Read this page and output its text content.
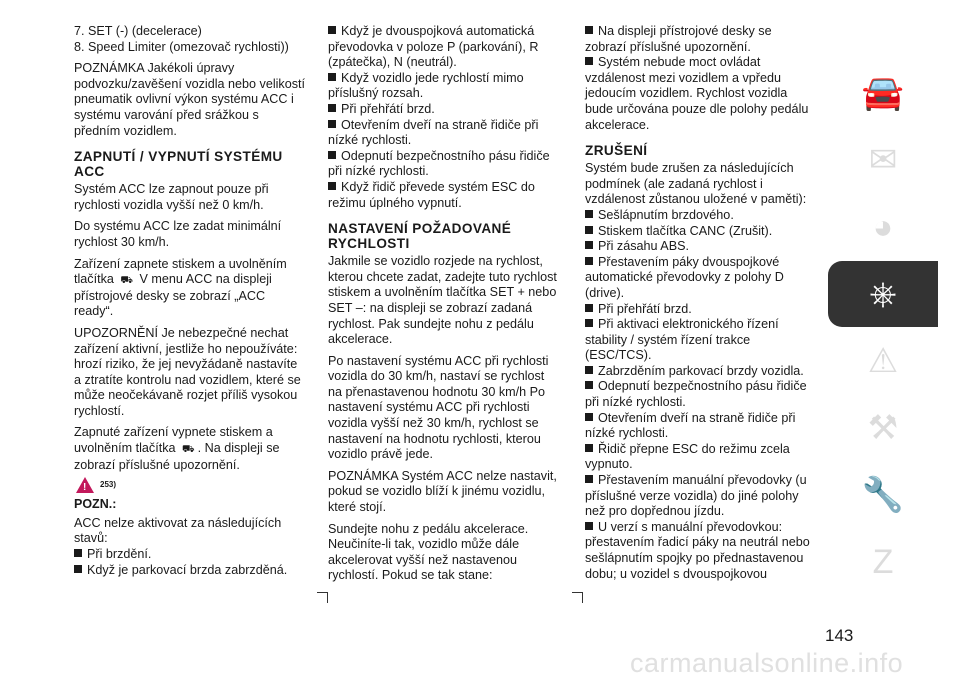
7. SET (-) (decelerace)
8. Speed Limiter (omezovač rychlosti))
POZNÁMKA Jakékoli úpravy podvozku/zavěšení vozidla nebo velikostí pneumatik ovlivní výkon systému ACC i systému varování před srážkou s předním vozidlem.
ZAPNUTÍ / VYPNUTÍ SYSTÉMU ACC
Systém ACC lze zapnout pouze při rychlosti vozidla vyšší než 0 km/h.
Do systému ACC lze zadat minimální rychlost 30 km/h.
Zařízení zapnete stiskem a uvolněním tlačítka ⛟ V menu ACC na displeji přístrojové desky se zobrazí „ACC ready“.
UPOZORNĚNÍ Je nebezpečné nechat zařízení aktivní, jestliže ho nepoužíváte: hrozí riziko, že jej nevyžádaně nastavíte a ztratíte kontrolu nad vozidlem, které se může neočekávaně rozjet příliš vysokou rychlostí.
Zapnuté zařízení vypnete stiskem a uvolněním tlačítka ⛟ . Na displeji se zobrazí příslušné upozornění.
! 253)
POZN.:
ACC nelze aktivovat za následujících stavů:
Při brzdění.
Když je parkovací brzda zabrzděná.
Když je dvouspojková automatická převodovka v poloze P (parkování), R (zpátečka), N (neutrál).
Když vozidlo jede rychlostí mimo příslušný rozsah.
Při přehřátí brzd.
Otevřením dveří na straně řidiče při nízké rychlosti.
Odepnutí bezpečnostního pásu řidiče při nízké rychlosti.
Když řidič převede systém ESC do režimu úplného vypnutí.
NASTAVENÍ POŽADOVANÉ RYCHLOSTI
Jakmile se vozidlo rozjede na rychlost, kterou chcete zadat, zadejte tuto rychlost stiskem a uvolněním tlačítka SET + nebo SET –: na displeji se zobrazí zadaná rychlost. Pak sundejte nohu z pedálu akcelerace.
Po nastavení systému ACC při rychlosti vozidla do 30 km/h, nastaví se rychlost na přenastavenou hodnotu 30 km/h Po nastavení systému ACC při rychlosti vozidla vyšší než 30 km/h, rychlost se nastavení na hodnotu rychlosti, kterou vozidlo právě jede.
POZNÁMKA Systém ACC nelze nastavit, pokud se vozidlo blíží k jinému vozidlu, které stojí.
Sundejte nohu z pedálu akcelerace. Neučiníte-li tak, vozidlo může dále akcelerovat vyšší než nastavenou rychlostí. Pokud se tak stane:
Na displeji přístrojové desky se zobrazí příslušné upozornění.
Systém nebude moct ovládat vzdálenost mezi vozidlem a vpředu jedoucím vozidlem. Rychlost vozidla bude určována pouze dle polohy pedálu akcelerace.
ZRUŠENÍ
Systém bude zrušen za následujících podmínek (ale zadaná rychlost i vzdálenost zůstanou uložené v paměti):
Sešlápnutím brzdového.
Stiskem tlačítka CANC (Zrušit).
Při zásahu ABS.
Přestavením páky dvouspojkové automatické převodovky z polohy D (drive).
Při přehřátí brzd.
Při aktivaci elektronického řízení stability / systém řízení trakce (ESC/TCS).
Zabrzděním parkovací brzdy vozidla.
Odepnutí bezpečnostního pásu řidiče při nízké rychlosti.
Otevřením dveří na straně řidiče při nízké rychlosti.
Řidič přepne ESC do režimu zcela vypnuto.
Přestavením manuální převodovky (u příslušné verze vozidla) do jiné polohy než pro dopřednou jízdu.
U verzí s manuální převodovkou: přestavením řadicí páky na neutrál nebo sešlápnutím spojky po přednastavenou dobu; u vozidel s dvouspojkovou
🚘
✉
◕
⎈
⚠
⚒
🔧
Z
143
carmanualsonline.info
